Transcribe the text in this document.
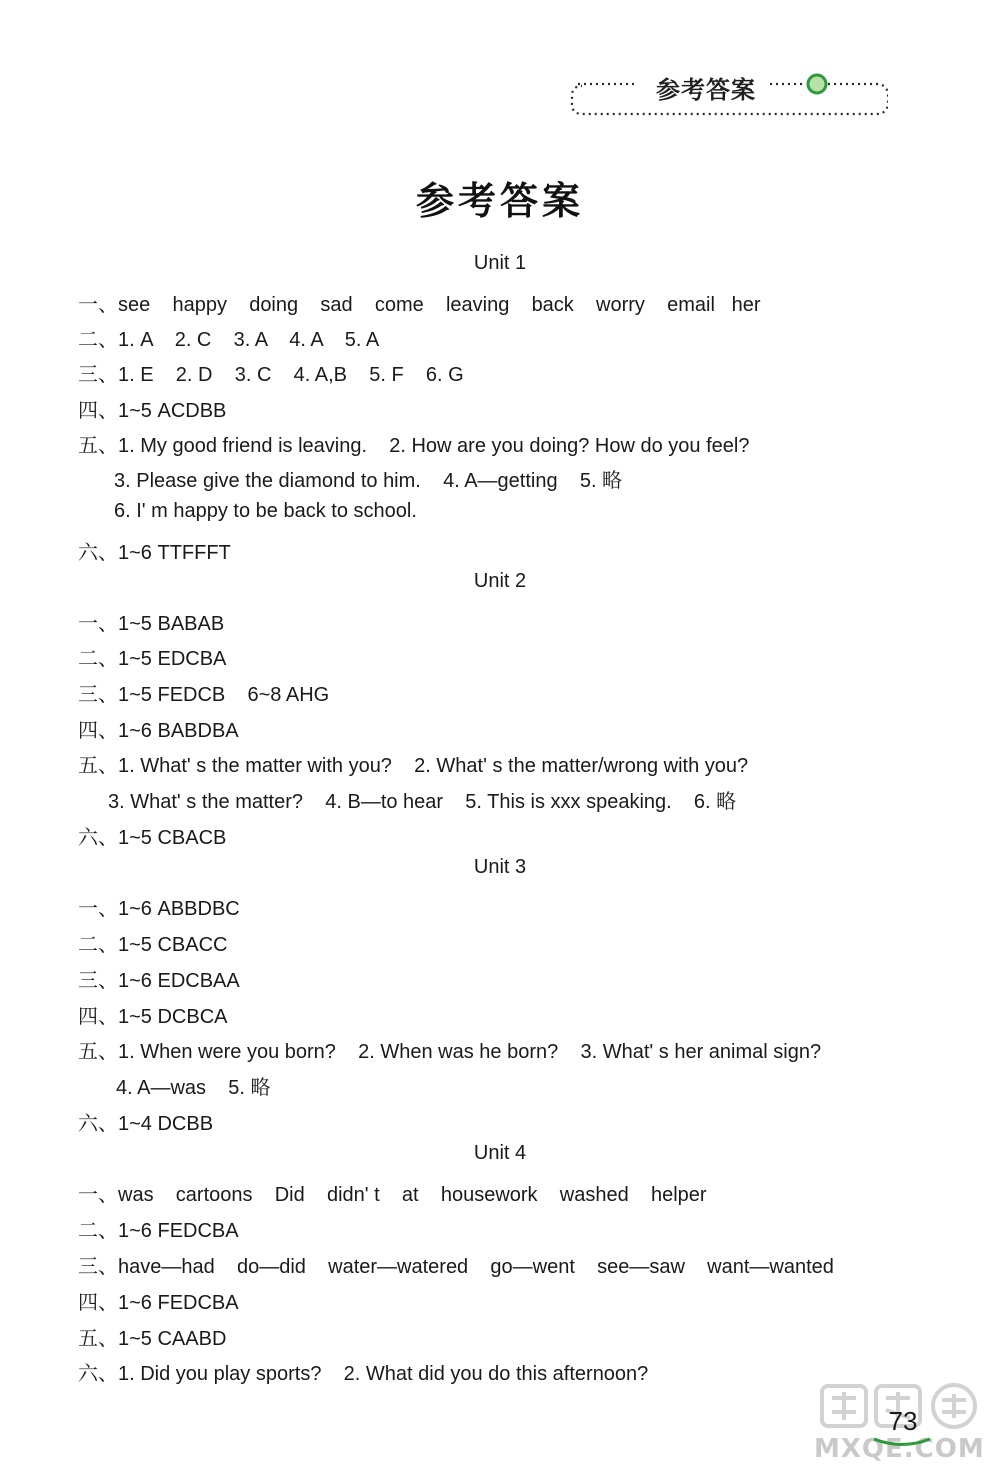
参考答案
参考答案
Unit 1
一、see    happy    doing    sad    come    leaving    back    worry    email   her
二、1. A    2. C    3. A    4. A    5. A
三、1. E    2. D    3. C    4. A,B    5. F    6. G
四、1~5 ACDBB
五、1. My good friend is leaving.    2. How are you doing? How do you feel?
3. Please give the diamond to him.    4. A—getting    5. 略
6. I' m happy to be back to school.
六、1~6 TTFFFT
Unit 2
一、1~5 BABAB
二、1~5 EDCBA
三、1~5 FEDCB    6~8 AHG
四、1~6 BABDBA
五、1. What' s the matter with you?    2. What' s the matter/wrong with you?
3. What' s the matter?    4. B—to hear    5. This is xxx speaking.    6. 略
六、1~5 CBACB
Unit 3
一、1~6 ABBDBC
二、1~5 CBACC
三、1~6 EDCBAA
四、1~5 DCBCA
五、1. When were you born?    2. When was he born?    3. What' s her animal sign?
4. A—was    5. 略
六、1~4 DCBB
Unit 4
一、was    cartoons    Did    didn' t    at    housework    washed    helper
二、1~6 FEDCBA
三、have—had    do—did    water—watered    go—went    see—saw    want—wanted
四、1~6 FEDCBA
五、1~5 CAABD
六、1. Did you play sports?    2. What did you do this afternoon?
MXQE.COM
73
